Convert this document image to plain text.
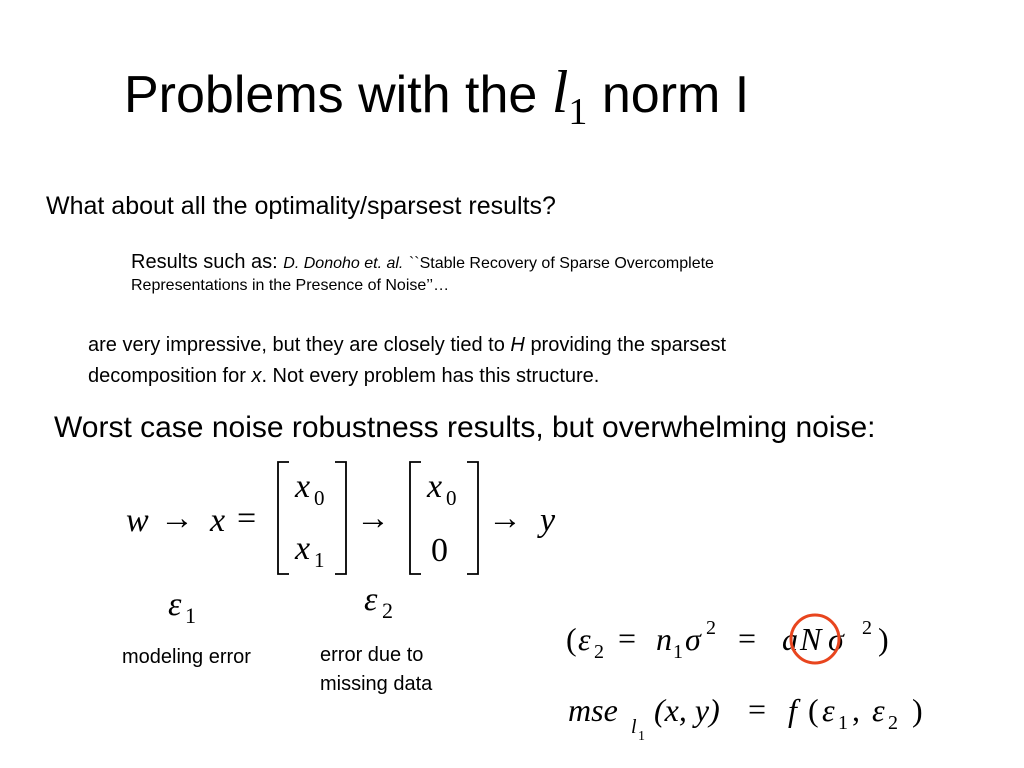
Problems with the $l_1$ norm I
What about all the optimality/sparsest results?
Results such as: D. Donoho et. al. ``Stable Recovery of Sparse Overcomplete
Representations in the Presence of Noise’’…
are very impressive, but they are closely tied to H providing the sparsest
decomposition for x. Not every problem has this structure.
Worst case noise robustness results, but overwhelming noise:
w → x =
x 0
x 1
→
x 0
0
→ y
ε 1	ε 2
( ε 2 = n 1 σ 2 = a N σ 2 )
mse l 1
(x, y) = f ( ε 1 , ε 2 )
modeling error	error due to
missing data
